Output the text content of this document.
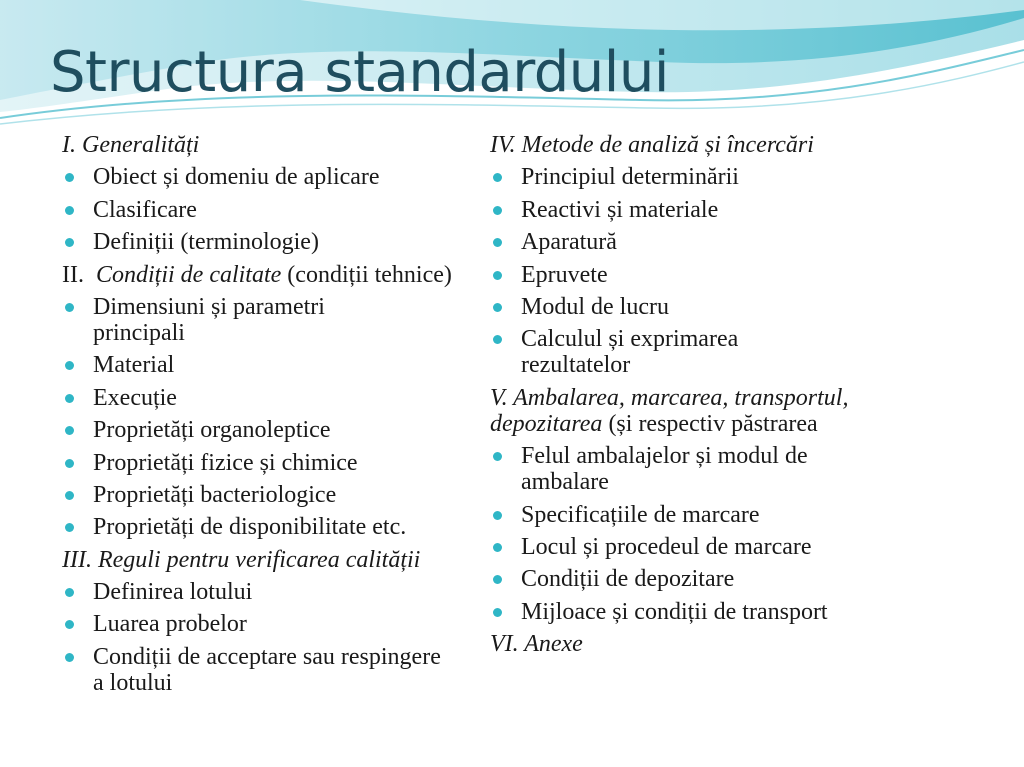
Structura standardului
I. Generalități
Obiect și domeniu de aplicare
Clasificare
Definiții (terminologie)
II.  Condiții de calitate (condiții tehnice)
Dimensiuni și parametri principali
Material
Execuție
Proprietăți organoleptice
Proprietăți fizice și chimice
Proprietăți bacteriologice
Proprietăți de disponibilitate etc.
III. Reguli pentru verificarea calității
Definirea lotului
Luarea probelor
Condiții de acceptare sau respingere a lotului
IV. Metode de analiză și încercări
Principiul determinării
Reactivi și materiale
Aparatură
Epruvete
Modul de lucru
Calculul și exprimarea rezultatelor
V. Ambalarea, marcarea, transportul, depozitarea (și respectiv păstrarea
Felul ambalajelor și modul de ambalare
Specificațiile de marcare
Locul și procedeul de marcare
Condiții de depozitare
Mijloace și condiții de transport
VI. Anexe
